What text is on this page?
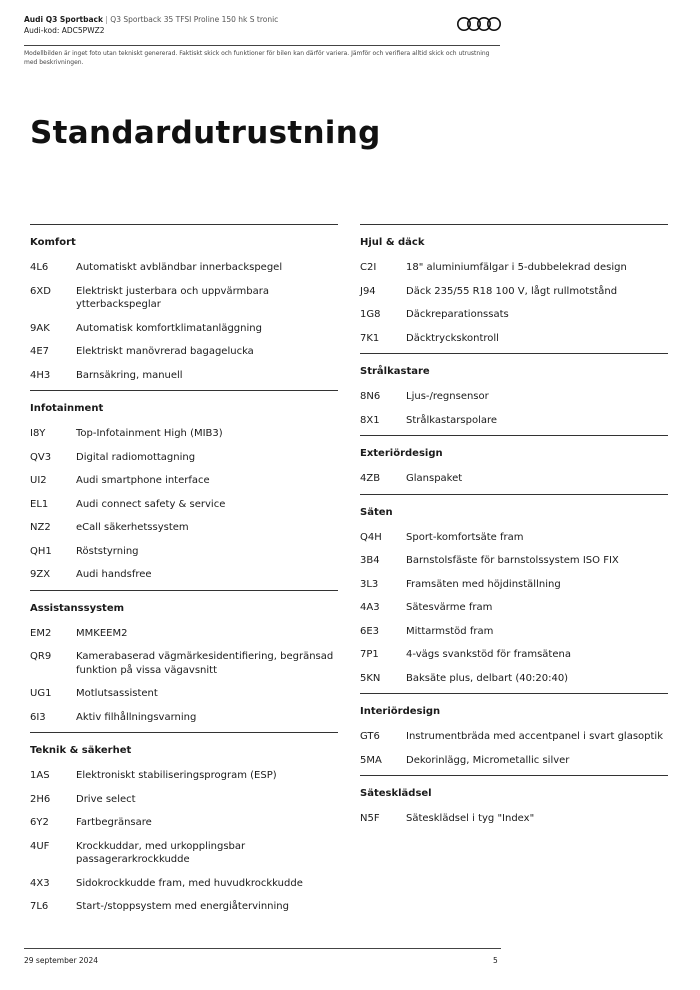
Audi Q3 Sportback | Q3 Sportback 35 TFSI Proline 150 hk S tronic
Audi-kod: ADC5PWZ2
Modellbilden är inget foto utan tekniskt genererad. Faktiskt skick och funktioner för bilen kan därför variera. Jämför och verifiera alltid skick och utrustning med beskrivningen.
Standardutrustning
Komfort
4L6	Automatiskt avbländbar innerbackspegel
6XD	Elektriskt justerbara och uppvärmbara ytterbackspeglar
9AK	Automatisk komfortklimatanläggning
4E7	Elektriskt manövrerad bagagelucka
4H3	Barnsäkring, manuell
Infotainment
I8Y	Top-Infotainment High (MIB3)
QV3	Digital radiomottagning
UI2	Audi smartphone interface
EL1	Audi connect safety & service
NZ2	eCall säkerhetssystem
QH1	Röststyrning
9ZX	Audi handsfree
Assistanssystem
EM2	MMKEEM2
QR9	Kamerabaserad vägmärkesidentifiering, begränsad funktion på vissa vägavsnitt
UG1	Motlutsassistent
6I3	Aktiv filhållningsvarning
Teknik & säkerhet
1AS	Elektroniskt stabiliseringsprogram (ESP)
2H6	Drive select
6Y2	Fartbegränsare
4UF	Krockkuddar, med urkopplingsbar passagerarkrockkudde
4X3	Sidokrockkudde fram, med huvudkrockkudde
7L6	Start-/stoppsystem med energiåtervinning
Hjul & däck
C2I	18" aluminiumfälgar i 5-dubbelekrad design
J94	Däck 235/55 R18 100 V, lågt rullmotstånd
1G8	Däckreparationssats
7K1	Däcktryckskontroll
Strålkastare
8N6	Ljus-/regnsensor
8X1	Strålkastarspolare
Exteriördesign
4ZB	Glanspaket
Säten
Q4H	Sport-komfortsäte fram
3B4	Barnstolsfäste för barnstolssystem ISO FIX
3L3	Framsäten med höjdinställning
4A3	Sätesvärme fram
6E3	Mittarmstöd fram
7P1	4-vägs svankstöd för framsätena
5KN	Baksäte plus, delbart (40:20:40)
Interiördesign
GT6	Instrumentbräda med accentpanel i svart glasoptik
5MA	Dekorinlägg, Micrometallic silver
Sätesklädsel
N5F	Sätesklädsel i tyg "Index"
29 september 2024	5
